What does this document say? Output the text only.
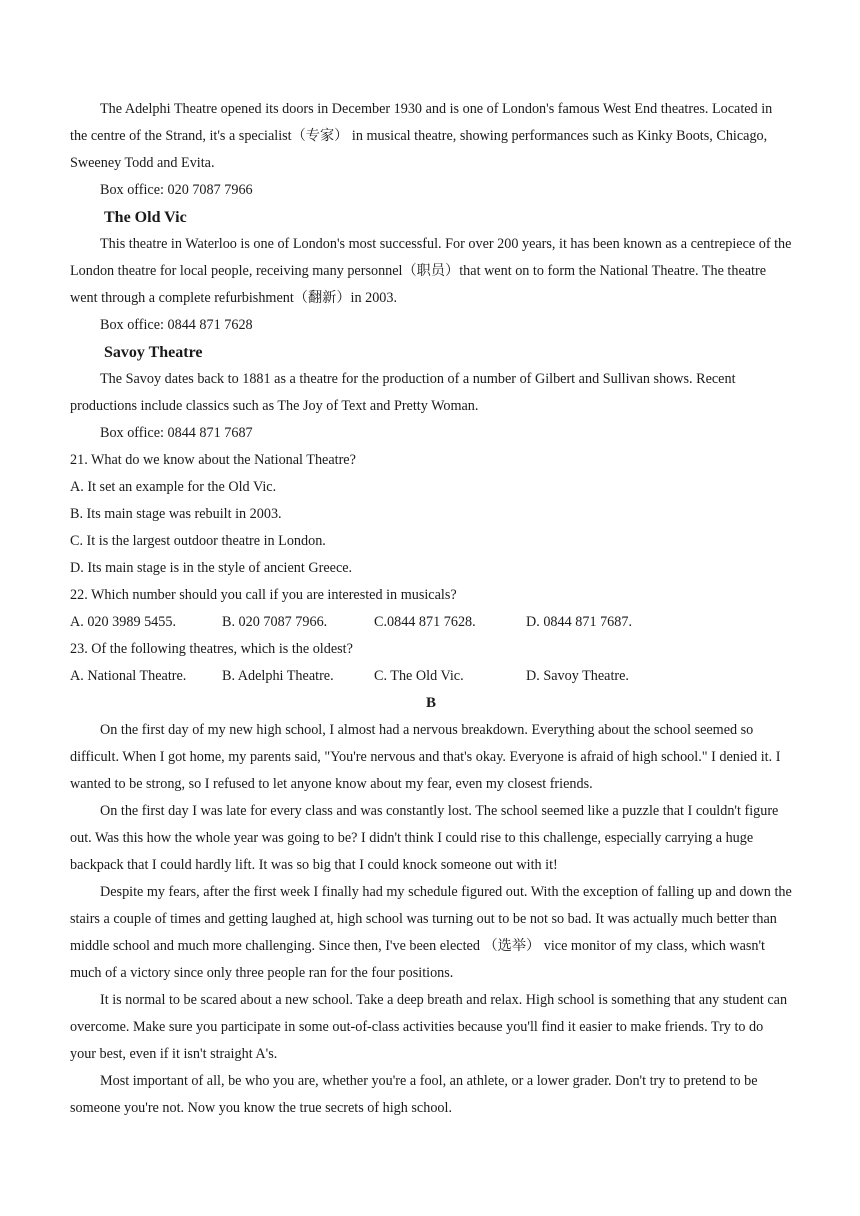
The Adelphi Theatre opened its doors in December 1930 and is one of London's famous West End theatres. Located in the centre of the Strand, it's a specialist（专家） in musical theatre, showing performances such as Kinky Boots, Chicago, Sweeney Todd and Evita.

Box office: 020 7087 7966

The Old Vic

This theatre in Waterloo is one of London's most successful. For over 200 years, it has been known as a centrepiece of the London theatre for local people, receiving many personnel（职员）that went on to form the National Theatre. The theatre went through a complete refurbishment（翻新）in 2003.

Box office: 0844 871 7628

Savoy Theatre

The Savoy dates back to 1881 as a theatre for the production of a number of Gilbert and Sullivan shows. Recent productions include classics such as The Joy of Text and Pretty Woman.

Box office: 0844 871 7687

21. What do we know about the National Theatre?

A. It set an example for the Old Vic.

B. Its main stage was rebuilt in 2003.

C. It is the largest outdoor theatre in London.

D. Its main stage is in the style of ancient Greece.

22. Which number should you call if you are interested in musicals?

A. 020 3989 5455.	B. 020 7087 7966.	C.0844 871 7628.	D. 0844 871 7687.

23. Of the following theatres, which is the oldest?

A. National Theatre.	B. Adelphi Theatre.	C. The Old Vic.	D. Savoy Theatre.

B

On the first day of my new high school, I almost had a nervous breakdown. Everything about the school seemed so difficult. When I got home, my parents said, "You're nervous and that's okay. Everyone is afraid of high school." I denied it. I wanted to be strong, so I refused to let anyone know about my fear, even my closest friends.

On the first day I was late for every class and was constantly lost. The school seemed like a puzzle that I couldn't figure out. Was this how the whole year was going to be? I didn't think I could rise to this challenge, especially carrying a huge backpack that I could hardly lift. It was so big that I could knock someone out with it!

Despite my fears, after the first week I finally had my schedule figured out. With the exception of falling up and down the stairs a couple of times and getting laughed at, high school was turning out to be not so bad. It was actually much better than middle school and much more challenging. Since then, I've been elected （选举） vice monitor of my class, which wasn't much of a victory since only three people ran for the four positions.

It is normal to be scared about a new school. Take a deep breath and relax. High school is something that any student can overcome. Make sure you participate in some out-of-class activities because you'll find it easier to make friends. Try to do your best, even if it isn't straight A's.

Most important of all, be who you are, whether you're a fool, an athlete, or a lower grader. Don't try to pretend to be someone you're not. Now you know the true secrets of high school.
